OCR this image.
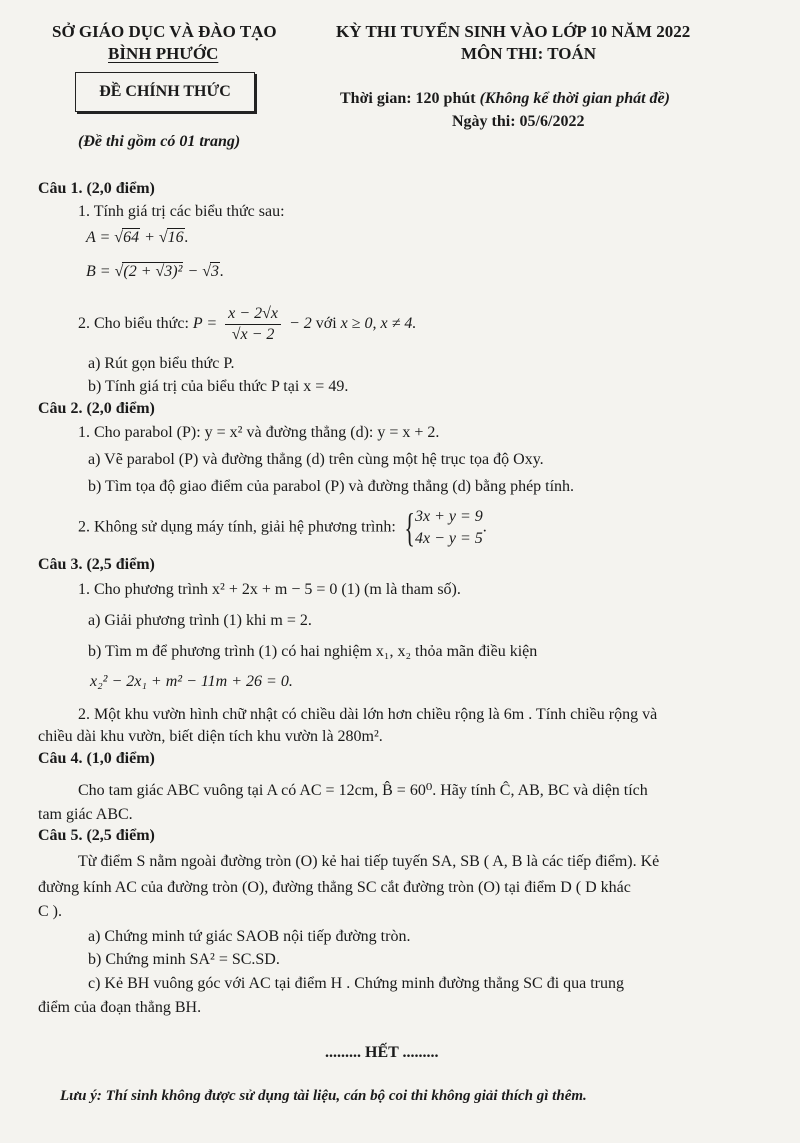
SỞ GIÁO DỤC VÀ ĐÀO TẠO
BÌNH PHƯỚC
ĐỀ CHÍNH THỨC
(Đề thi gồm có 01 trang)
KỲ THI TUYỂN SINH VÀO LỚP 10 NĂM 2022
MÔN THI: TOÁN
Thời gian: 120 phút (Không kể thời gian phát đề)
Ngày thi: 05/6/2022
Câu 1. (2,0 điểm)
1. Tính giá trị các biểu thức sau:
A = √64 + √16.
B = √(2 + √3)² − √3.
2. Cho biểu thức: $P = \frac{x - 2√x}{√x - 2} - 2$ với x ≥ 0, x ≠ 4.
a) Rút gọn biểu thức P.
b) Tính giá trị của biểu thức P tại x = 49.
Câu 2. (2,0 điểm)
1. Cho parabol (P): y = x² và đường thẳng (d): y = x + 2.
a) Vẽ parabol (P) và đường thẳng (d) trên cùng một hệ trục tọa độ Oxy.
b) Tìm tọa độ giao điểm của parabol (P) và đường thẳng (d) bằng phép tính.
2. Không sử dụng máy tính, giải hệ phương trình: { 3x + y = 9
4x − y = 5
.
Câu 3. (2,5 điểm)
1. Cho phương trình x² + 2x + m − 5 = 0 (1) (m là tham số).
a) Giải phương trình (1) khi m = 2.
b) Tìm m để phương trình (1) có hai nghiệm x₁, x₂ thỏa mãn điều kiện
x₂² − 2x₁ + m² − 11m + 26 = 0.
2. Một khu vườn hình chữ nhật có chiều dài lớn hơn chiều rộng là 6m . Tính chiều rộng và
chiều dài khu vườn, biết diện tích khu vườn là 280m².
Câu 4. (1,0 điểm)
Cho tam giác ABC vuông tại A có AC = 12cm, B̂ = 60⁰. Hãy tính Ĉ, AB, BC và diện tích
tam giác ABC.
Câu 5. (2,5 điểm)
Từ điểm S nằm ngoài đường tròn (O) kẻ hai tiếp tuyến SA, SB ( A, B là các tiếp điểm). Kẻ
đường kính AC của đường tròn (O), đường thẳng SC cắt đường tròn (O) tại điểm D ( D khác
C ).
a) Chứng minh tứ giác SAOB nội tiếp đường tròn.
b) Chứng minh SA² = SC.SD.
c) Kẻ BH vuông góc với AC tại điểm H . Chứng minh đường thẳng SC đi qua trung
điểm của đoạn thẳng BH.
......... HẾT .........
Lưu ý: Thí sinh không được sử dụng tài liệu, cán bộ coi thi không giải thích gì thêm.
